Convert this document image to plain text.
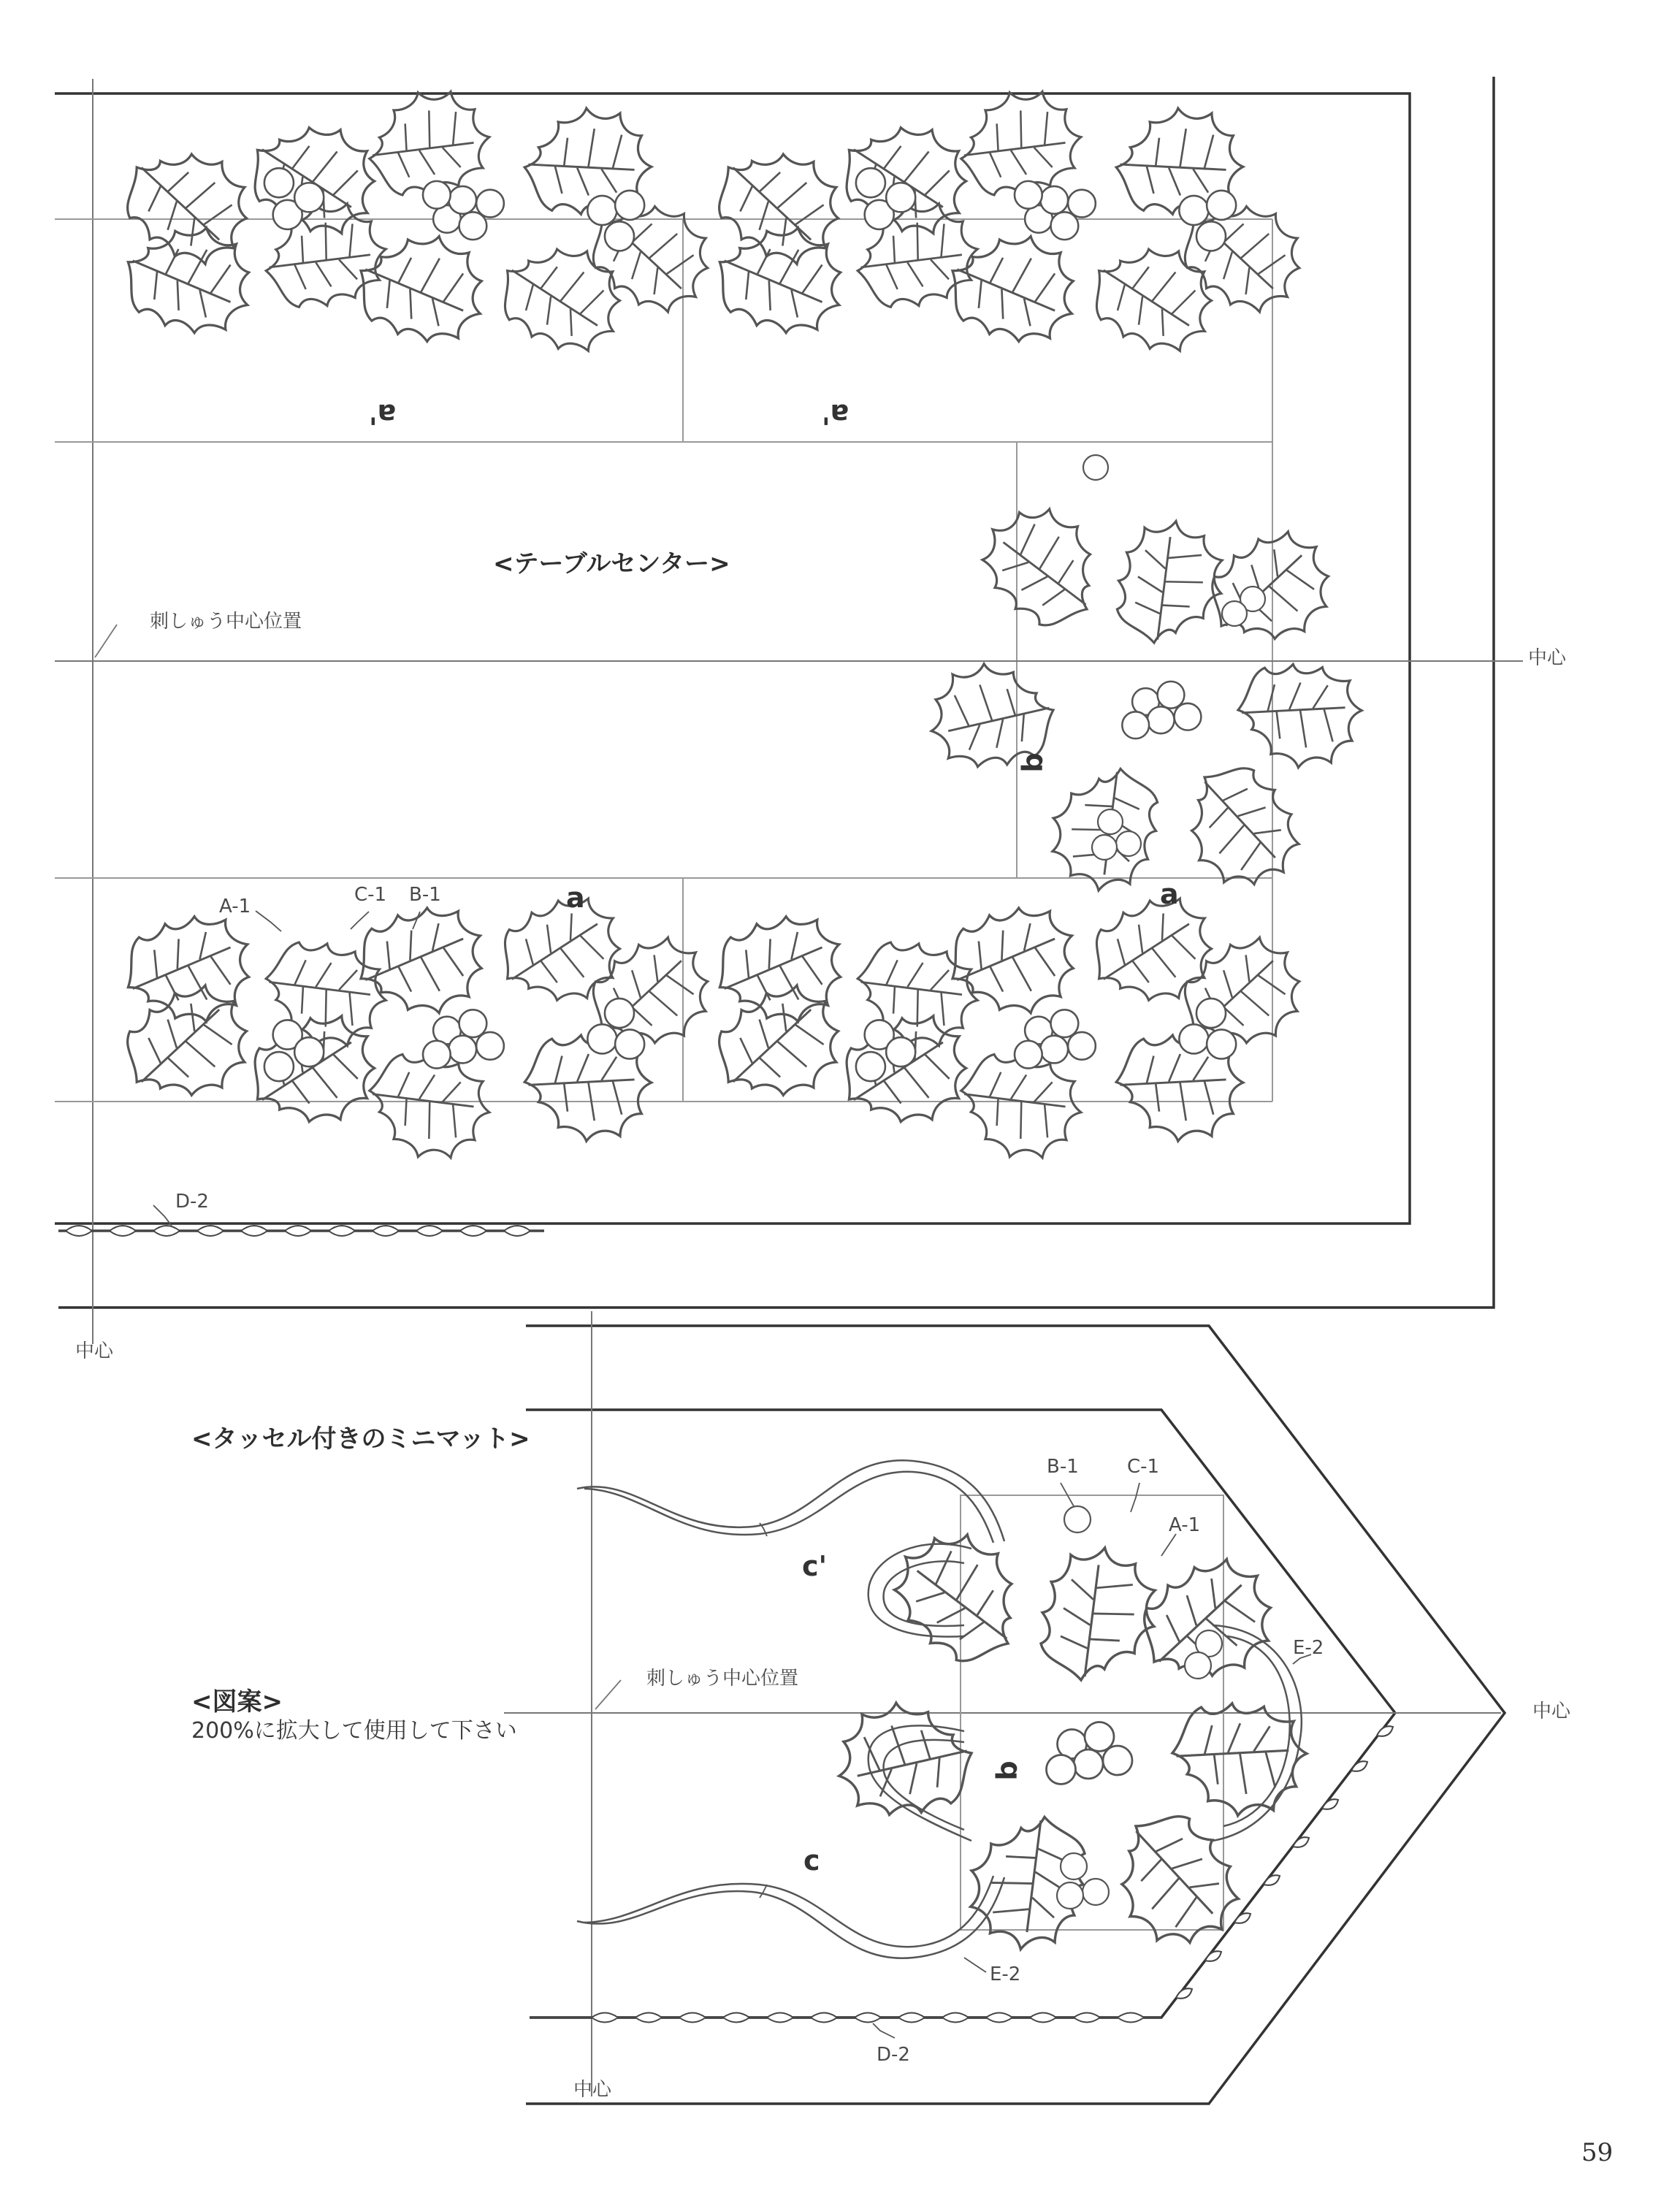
<テーブルセンター>
刺しゅう中心位置
中心
中心
a'	a'
b
a	a
A-1
C-1 B-1
D-2
<タッセル付きのミニマット>
刺しゅう中心位置
中心
中心
c'
c
b
B-1	C-1
A-1
E-2
E-2
D-2
<図案>
200%に拡大して使用して下さい
59
